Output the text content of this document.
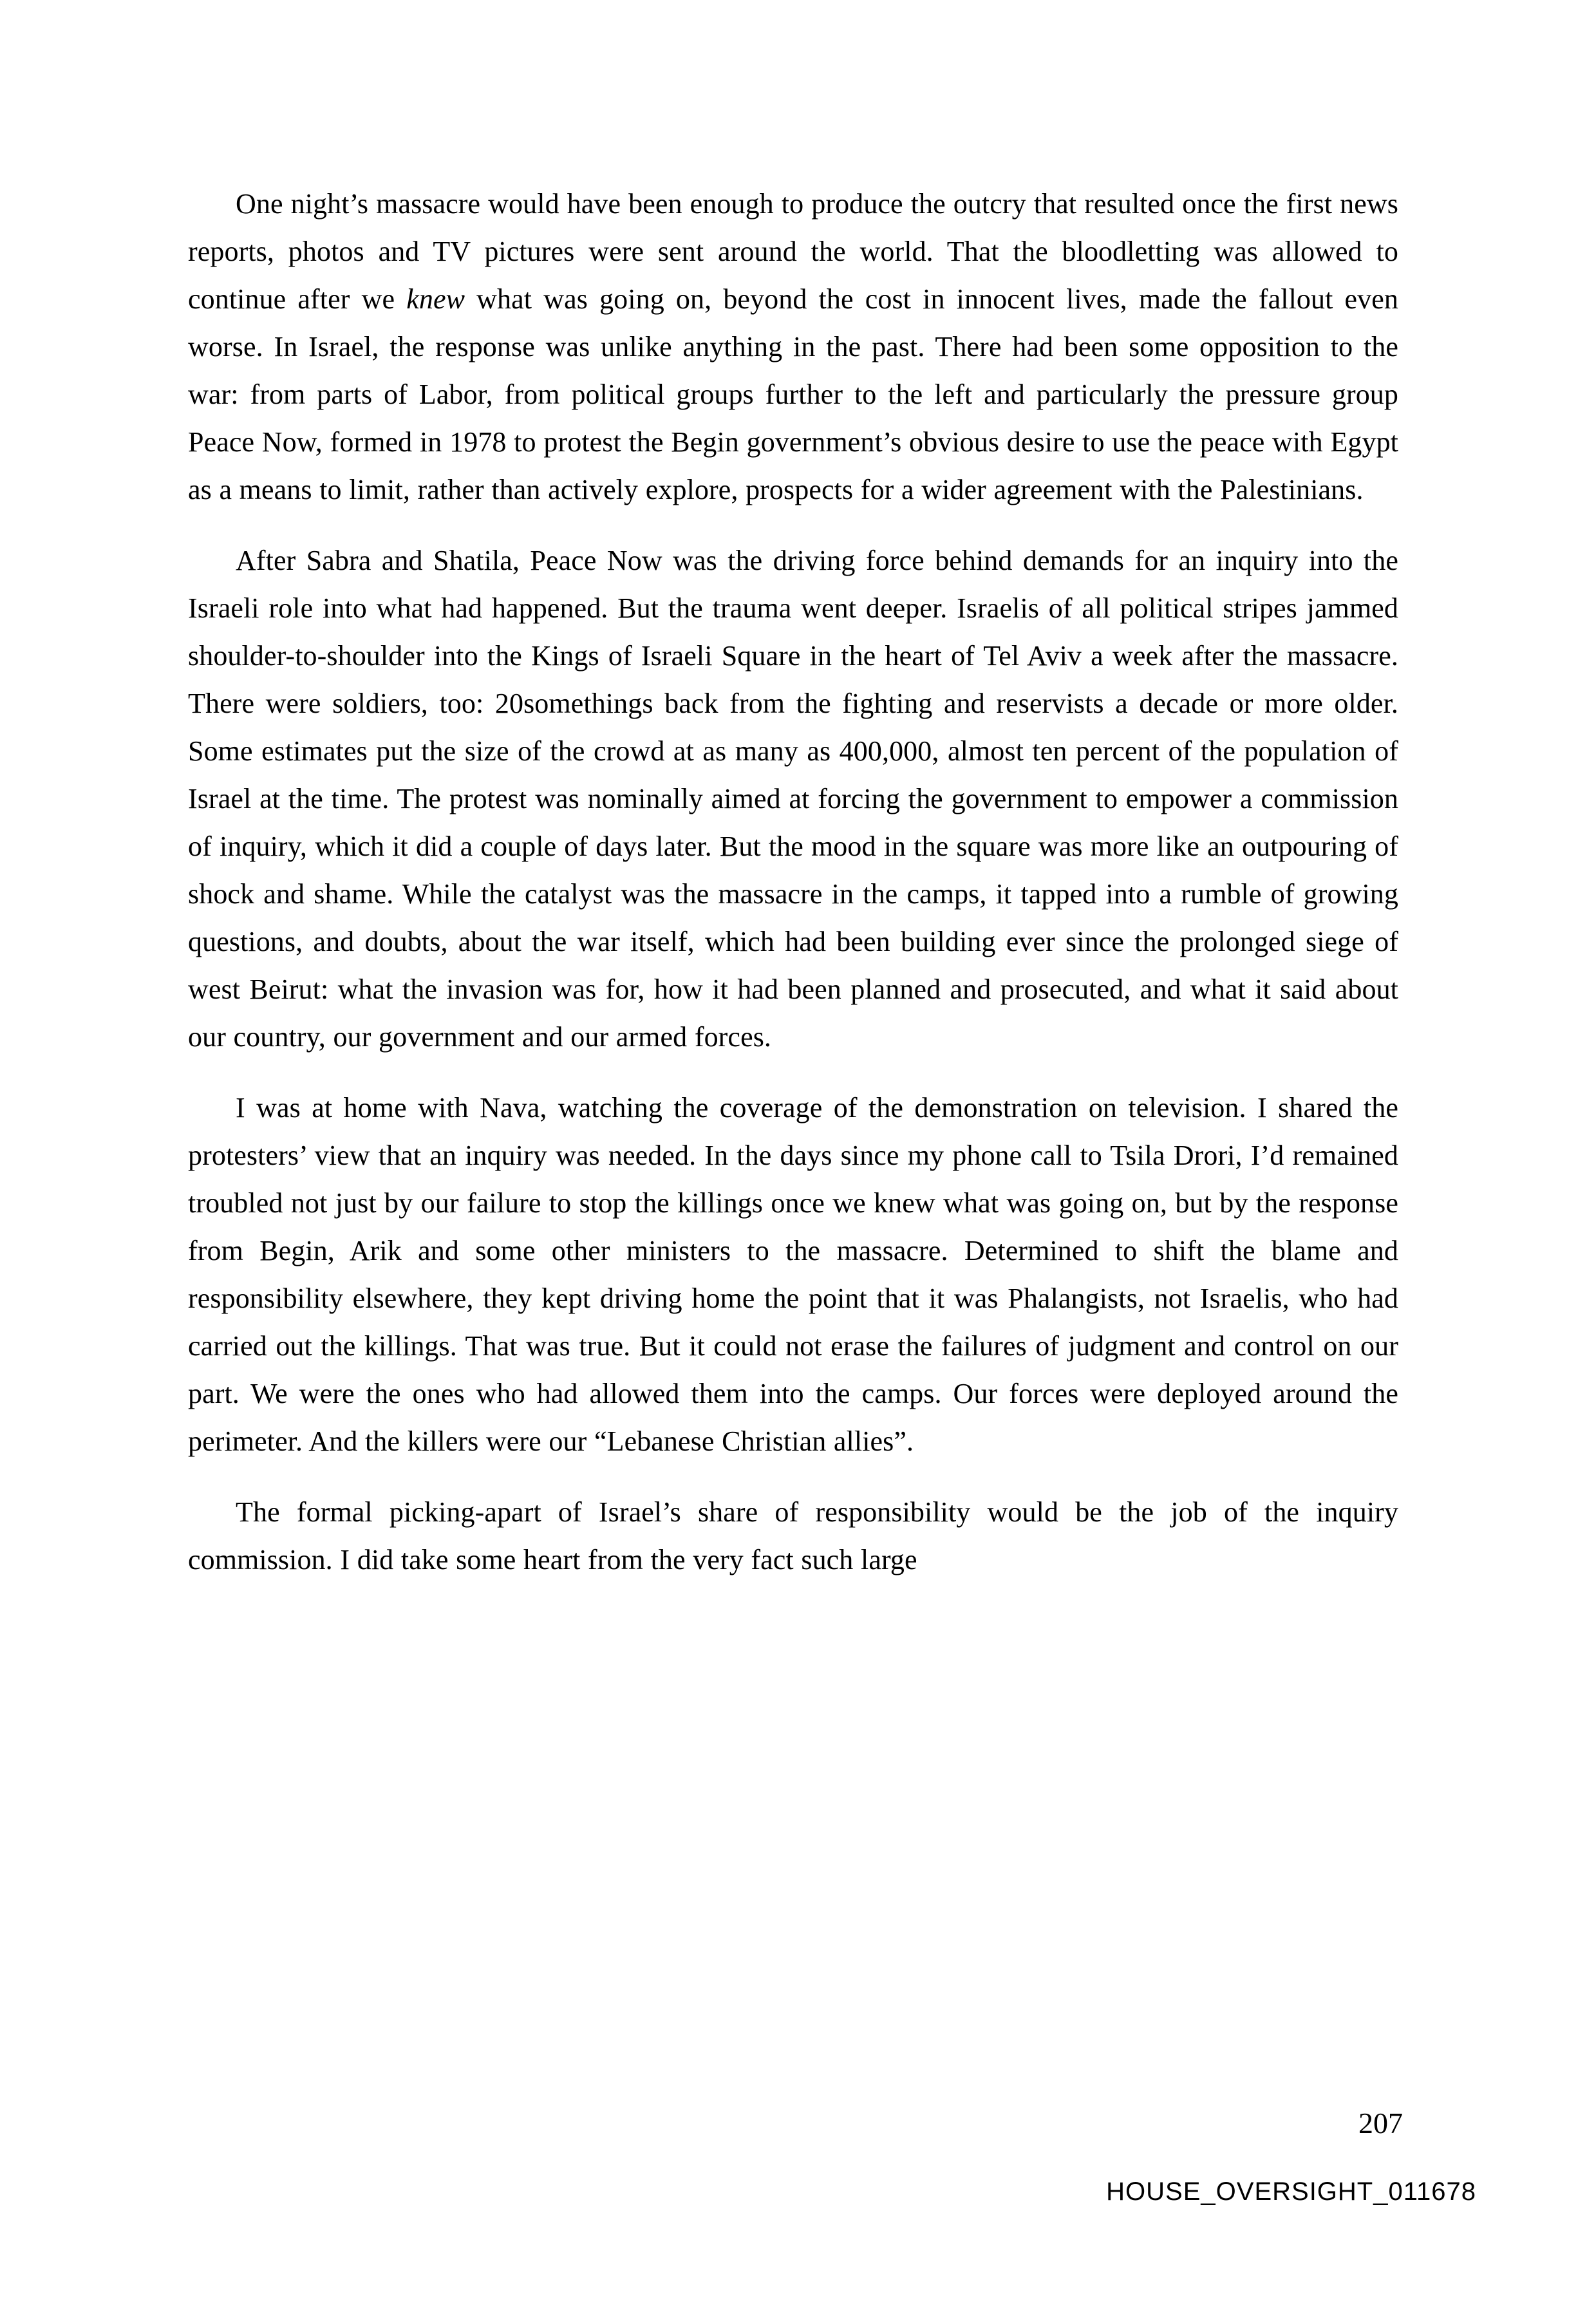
One night’s massacre would have been enough to produce the outcry that resulted once the first news reports, photos and TV pictures were sent around the world. That the bloodletting was allowed to continue after we knew what was going on, beyond the cost in innocent lives, made the fallout even worse. In Israel, the response was unlike anything in the past. There had been some opposition to the war: from parts of Labor, from political groups further to the left and particularly the pressure group Peace Now, formed in 1978 to protest the Begin government’s obvious desire to use the peace with Egypt as a means to limit, rather than actively explore, prospects for a wider agreement with the Palestinians.

After Sabra and Shatila, Peace Now was the driving force behind demands for an inquiry into the Israeli role into what had happened. But the trauma went deeper. Israelis of all political stripes jammed shoulder-to-shoulder into the Kings of Israeli Square in the heart of Tel Aviv a week after the massacre. There were soldiers, too: 20somethings back from the fighting and reservists a decade or more older. Some estimates put the size of the crowd at as many as 400,000, almost ten percent of the population of Israel at the time. The protest was nominally aimed at forcing the government to empower a commission of inquiry, which it did a couple of days later. But the mood in the square was more like an outpouring of shock and shame. While the catalyst was the massacre in the camps, it tapped into a rumble of growing questions, and doubts, about the war itself, which had been building ever since the prolonged siege of west Beirut: what the invasion was for, how it had been planned and prosecuted, and what it said about our country, our government and our armed forces.

I was at home with Nava, watching the coverage of the demonstration on television. I shared the protesters’ view that an inquiry was needed. In the days since my phone call to Tsila Drori, I’d remained troubled not just by our failure to stop the killings once we knew what was going on, but by the response from Begin, Arik and some other ministers to the massacre. Determined to shift the blame and responsibility elsewhere, they kept driving home the point that it was Phalangists, not Israelis, who had carried out the killings. That was true. But it could not erase the failures of judgment and control on our part. We were the ones who had allowed them into the camps. Our forces were deployed around the perimeter. And the killers were our “Lebanese Christian allies”.

The formal picking-apart of Israel’s share of responsibility would be the job of the inquiry commission. I did take some heart from the very fact such large

207
HOUSE_OVERSIGHT_011678
